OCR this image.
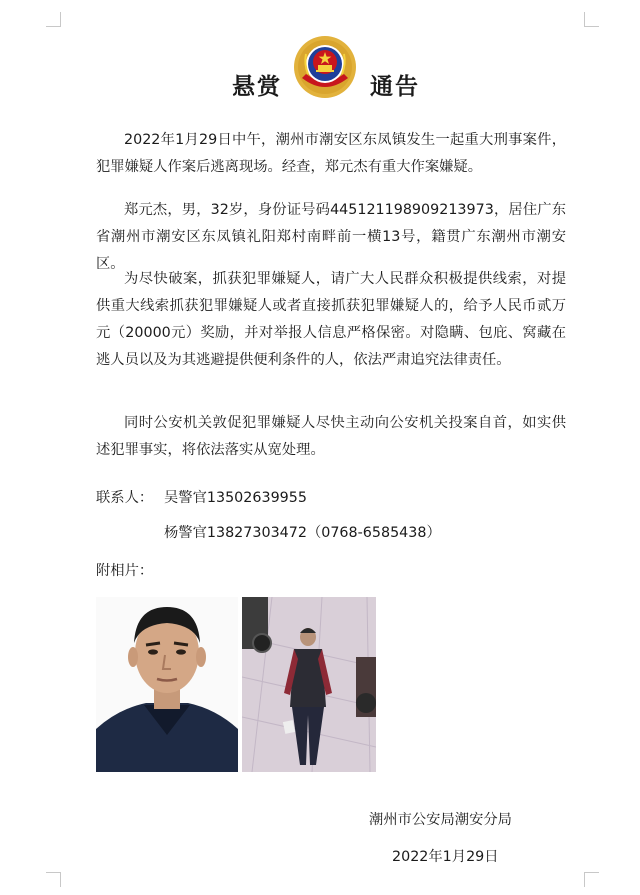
悬赏	通告

2022年1月29日中午，潮州市潮安区东凤镇发生一起重大刑事案件，犯罪嫌疑人作案后逃离现场。经查，郑元杰有重大作案嫌疑。

郑元杰，男，32岁，身份证号码445121198909213973，居住广东省潮州市潮安区东凤镇礼阳郑村南畔前一横13号，籍贯广东潮州市潮安区。

为尽快破案，抓获犯罪嫌疑人，请广大人民群众积极提供线索，对提供重大线索抓获犯罪嫌疑人或者直接抓获犯罪嫌疑人的，给予人民币贰万元（20000元）奖励，并对举报人信息严格保密。对隐瞒、包庇、窝藏在逃人员以及为其逃避提供便利条件的人，依法严肃追究法律责任。

同时公安机关敦促犯罪嫌疑人尽快主动向公安机关投案自首，如实供述犯罪事实，将依法落实从宽处理。

联系人： 吴警官13502639955
杨警官13827303472（0768-6585438）
附相片：
潮州市公安局潮安分局
2022年1月29日
